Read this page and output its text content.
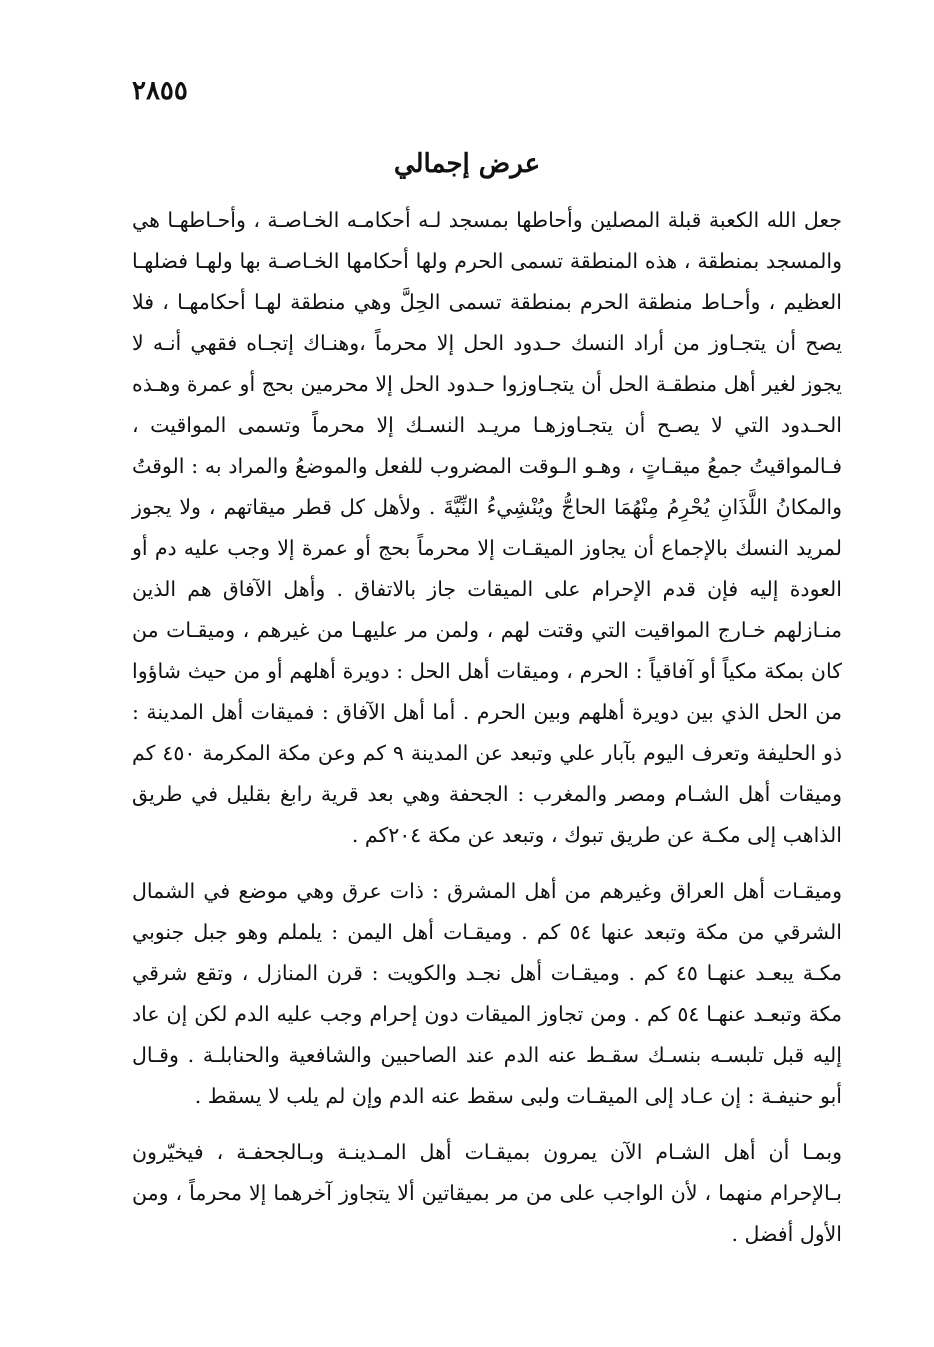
٢٨٥٥
عرض إجمالي

جعل الله الكعبة قبلة المصلين وأحاطها بمسجد لـه أحكامـه الخـاصـة ، وأحـاطهـا هي والمسجد بمنطقة ، هذه المنطقة تسمى الحرم ولها أحكامها الخـاصـة بها ولهـا فضلهـا العظيم ، وأحـاط منطقة الحرم بمنطقة تسمى الحِلَّ وهي منطقة لهـا أحكامهـا ، فلا يصح أن يتجـاوز من أراد النسك حـدود الحل إلا محرماً ،وهنـاك إتجـاه فقهي أنـه لا يجوز لغير أهل منطقـة الحل أن يتجـاوزوا حـدود الحل إلا محرمين بحج أو عمرة وهـذه الحـدود التي لا يصـح أن يتجـاوزهـا مريـد النسـك إلا محرماً وتسمى المواقيت ، فـالمواقيتُ جمعُ ميقـاتٍ ، وهـو الـوقت المضروب للفعل والموضعُ والمراد به : الوقتُ والمكانُ اللَّذَانِ يُحْرِمُ مِنْهُمَا الحاجُّ ويُنْشِيءُ النِّيَّةَ . ولأهل كل قطر ميقاتهم ، ولا يجوز لمريد النسك بالإجماع أن يجاوز الميقـات إلا محرماً بحج أو عمرة إلا وجب عليه دم أو العودة إليه فإن قدم الإحرام على الميقات جاز بالاتفاق . وأهل الآفاق هم الذين منـازلهم خـارج المواقيت التي وقتت لهم ، ولمن مر عليهـا من غيرهم ، وميقـات من كان بمكة مكياً أو آفاقياً : الحرم ، وميقات أهل الحل : دويرة أهلهم أو من حيث شاؤوا من الحل الذي بين دويرة أهلهم وبين الحرم . أما أهل الآفاق : فميقات أهل المدينة : ذو الحليفة وتعرف اليوم بآبار علي وتبعد عن المدينة ٩ كم وعن مكة المكرمة ٤٥٠ كم وميقات أهل الشـام ومصر والمغرب : الجحفة وهي بعد قرية رابغ بقليل في طريق الذاهب إلى مكـة عن طريق تبوك ، وتبعد عن مكة ٢٠٤كم .

وميقـات أهل العراق وغيرهم من أهل المشرق : ذات عرق وهي موضع في الشمال الشرقي من مكة وتبعد عنها ٥٤ كم . وميقـات أهل اليمن : يلملم وهو جبل جنوبي مكـة يبعـد عنهـا ٤٥ كم . وميقـات أهل نجـد والكويت : قرن المنازل ، وتقع شرقي مكة وتبعـد عنهـا ٥٤ كم . ومن تجاوز الميقات دون إحرام وجب عليه الدم لكن إن عاد إليه قبل تلبسـه بنسـك سقـط عنه الدم عند الصاحبين والشافعية والحنابلـة . وقـال أبو حنيفـة : إن عـاد إلى الميقـات ولبى سقط عنه الدم وإن لم يلب لا يسقط .

وبمـا أن أهل الشـام الآن يمرون بميقـات أهل المـدينـة وبـالجحفـة ، فيخيّرون بـالإحرام منهما ، لأن الواجب على من مر بميقاتين ألا يتجاوز آخرهما إلا محرماً ، ومن الأول أفضل .
